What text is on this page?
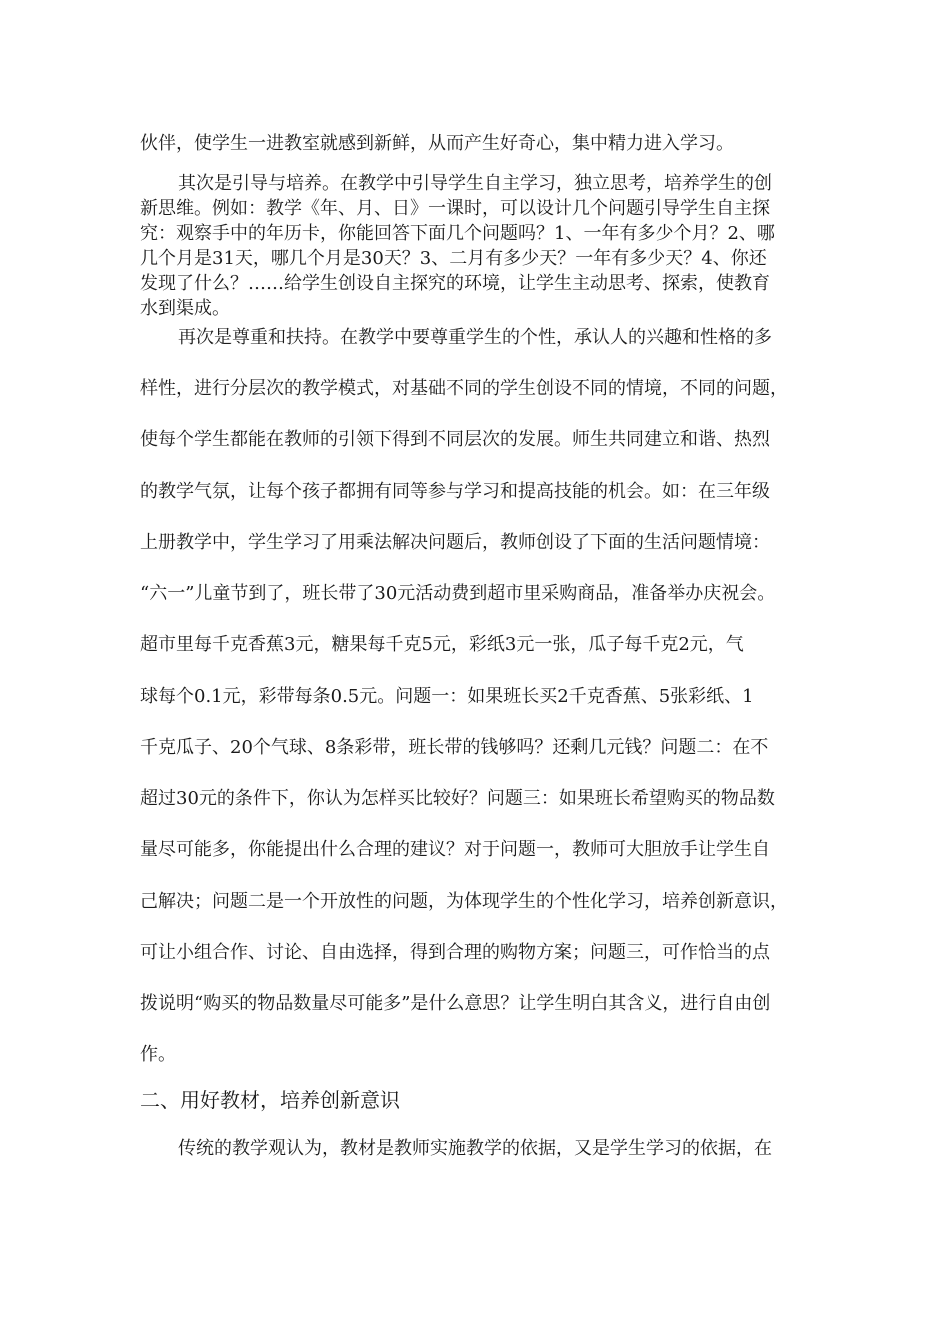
伙伴，使学生一进教室就感到新鲜，从而产生好奇心，集中精力进入学习。
其次是引导与培养。在教学中引导学生自主学习，独立思考，培养学生的创
新思维。例如：教学《年、月、日》一课时，可以设计几个问题引导学生自主探
究：观察手中的年历卡，你能回答下面几个问题吗？1、一年有多少个月？2、哪
几个月是31天，哪几个月是30天？3、二月有多少天？一年有多少天？4、你还
发现了什么？……给学生创设自主探究的环境，让学生主动思考、探索，使教育
水到渠成。
再次是尊重和扶持。在教学中要尊重学生的个性，承认人的兴趣和性格的多
样性，进行分层次的教学模式，对基础不同的学生创设不同的情境，不同的问题，
使每个学生都能在教师的引领下得到不同层次的发展。师生共同建立和谐、热烈
的教学气氛，让每个孩子都拥有同等参与学习和提高技能的机会。如：在三年级
上册教学中，学生学习了用乘法解决问题后，教师创设了下面的生活问题情境：
“六一”儿童节到了，班长带了30元活动费到超市里采购商品，准备举办庆祝会。
超市里每千克香蕉3元，糖果每千克5元，彩纸3元一张，瓜子每千克2元，气
球每个0.1元，彩带每条0.5元。问题一：如果班长买2千克香蕉、5张彩纸、1
千克瓜子、20个气球、8条彩带，班长带的钱够吗？还剩几元钱？问题二：在不
超过30元的条件下，你认为怎样买比较好？问题三：如果班长希望购买的物品数
量尽可能多，你能提出什么合理的建议？对于问题一，教师可大胆放手让学生自
己解决；问题二是一个开放性的问题，为体现学生的个性化学习，培养创新意识，
可让小组合作、讨论、自由选择，得到合理的购物方案；问题三，可作恰当的点
拨说明“购买的物品数量尽可能多”是什么意思？让学生明白其含义，进行自由创
作。
二、用好教材，培养创新意识
传统的教学观认为，教材是教师实施教学的依据，又是学生学习的依据，在
